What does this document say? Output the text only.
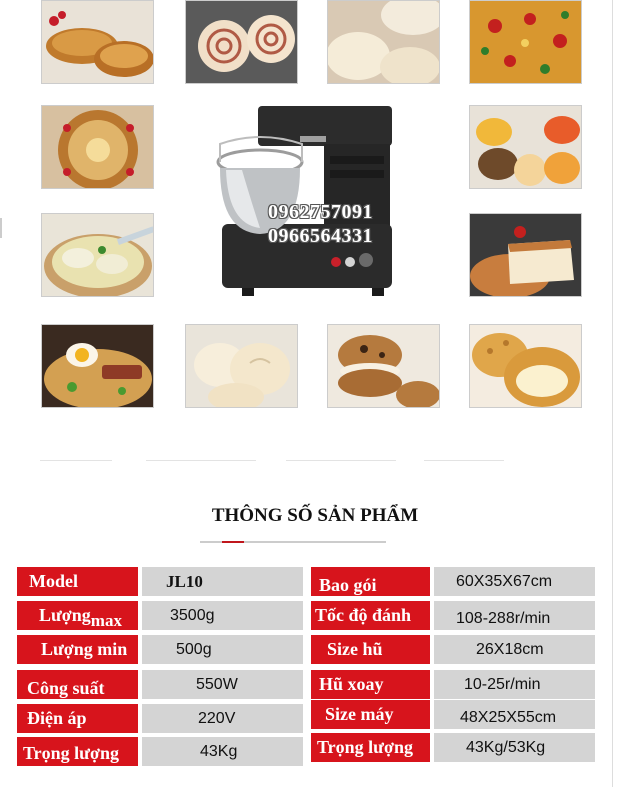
0962757091
0966564331
THÔNG SỐ SẢN PHẨM
Model	JL10
Lượngmax	3500g
Lượng min	500g
Công suất	550W
Điện áp	220V
Trọng lượng	43Kg
Bao gói	60X35X67cm
Tốc độ đánh	108-288r/min
Size hũ	26X18cm
Hũ xoay	10-25r/min
Size máy	48X25X55cm
Trọng lượng	43Kg/53Kg
